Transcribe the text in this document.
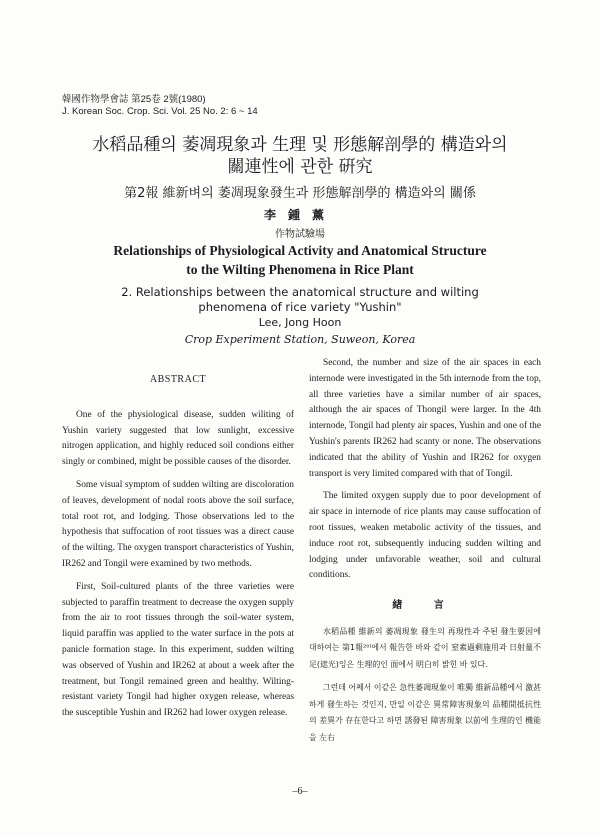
韓國作物學會誌 第25卷 2號(1980)
J. Korean Soc. Crop. Sci. Vol. 25 No. 2: 6 ~ 14
水稻品種의 萎凋現象과 生理 및 形態解剖學的 構造와의
關連性에 관한 硏究
第2報 維新벼의 萎凋現象發生과 形態解剖學的 構造와의 關係
李鍾薰
作物試驗場
Relationships of Physiological Activity and Anatomical Structure
to the Wilting Phenomena in Rice Plant
2. Relationships between the anatomical structure and wilting
phenomena of rice variety "Yushin"
Lee, Jong Hoon
Crop Experiment Station, Suweon, Korea

ABSTRACT

One of the physiological disease, sudden wiliting of Yushin variety suggested that low sunlight, excessive nitrogen application, and highly reduced soil condions either singly or combined, might be possible causes of the disorder.

Some visual symptom of sudden wilting are discoloration of leaves, development of nodal roots above the soil surface, total root rot, and lodging. Those observations led to the hypothesis that suffocation of root tissues was a direct cause of the wilting. The oxygen transport characteristics of Yushin, IR262 and Tongil were examined by two methods.

First, Soil-cultured plants of the three varieties were subjected to paraffin treatment to decrease the oxygen supply from the air to root tissues through the soil-water system, liquid paraffin was applied to the water surface in the pots at panicle formation stage. In this experiment, sudden wilting was observed of Yushin and IR262 at about a week after the treatment, but Tongil remained green and healthy. Wilting-resistant variety Tongil had higher oxygen release, whereas the susceptible Yushin and IR262 had lower oxygen release.

Second, the number and size of the air spaces in each internode were investigated in the 5th internode from the top, all three varieties have a similar number of air spaces, although the air spaces of Thongil were larger. In the 4th internode, Tongil had plenty air spaces, Yushin and one of the Yushin's parents IR262 had scanty or none. The observations indicated that the ability of Yushin and IR262 for oxygen transport is very limited compared with that of Tongil.

The limited oxygen supply due to poor development of air space in internode of rice plants may cause suffocation of root tissues, weaken metabolic activity of the tissues, and induce root rot, subsequently inducing sudden wilting and lodging under unfavorable weather, soil and cultural conditions.

緖 言

水稻品種 維新의 萎凋現象 發生의 再現性과 주된 發生要因에 대하여는 第1報²⁰⁾에서 報告한 바와 같이 窒素過剩施用과 日射量不足(遮光)잉은 生理的인 面에서 明白히 밝힌 바 있다.

그런데 어쩨서 이같은 急性萎凋現象이 唯獨 維新品種에서 激甚하게 發生하는 것인지, 만일 이같은 異常障害現象의 品種間抵抗性의 差異가 存在한다고 하면 誘發된 障害現象 以前에 生理的인 機能을 左右

–6–
